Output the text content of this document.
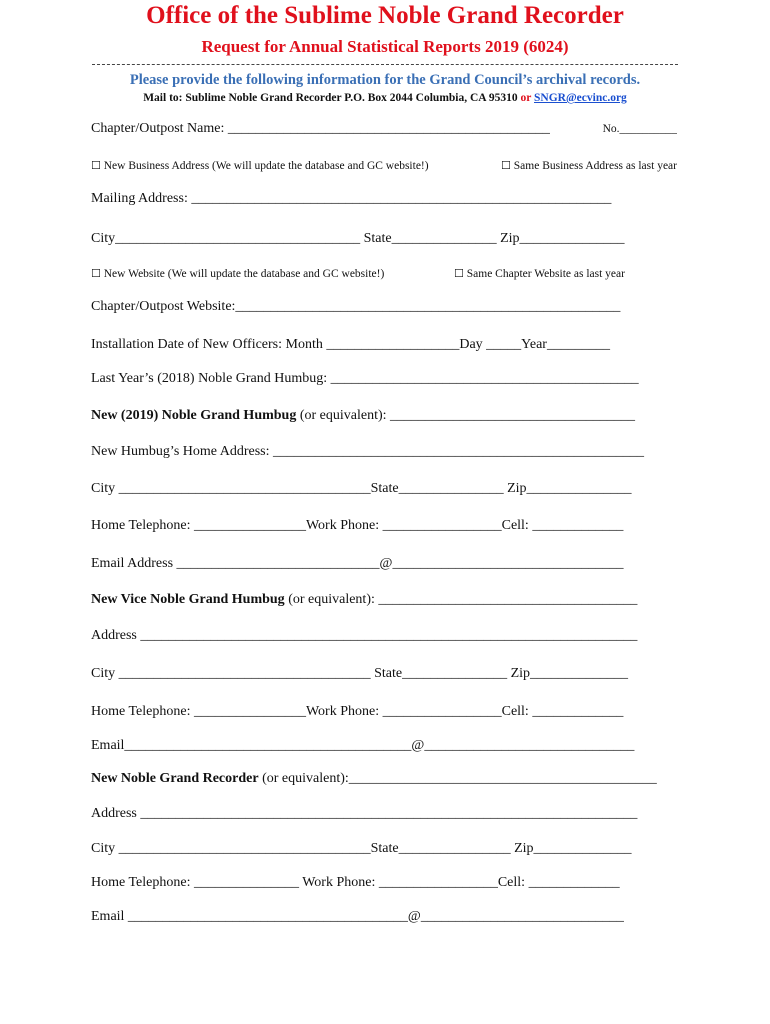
Office of the Sublime Noble Grand Recorder
Request for Annual Statistical Reports 2019 (6024)
Please provide the following information for the Grand Council’s archival records.
Mail to: Sublime Noble Grand Recorder P.O. Box 2044 Columbia, CA 95310 or SNGR@ecvinc.org
Chapter/Outpost Name: ______________________________________________	No.__________
☐ New Business Address (We will update the database and GC website!)	☐ Same Business Address as last year
Mailing Address: ____________________________________________________________
City___________________________________ State_______________ Zip_______________
☐ New Website (We will update the database and GC website!)	☐ Same Chapter Website as last year
Chapter/Outpost Website:_______________________________________________________
Installation Date of New Officers: Month ___________________Day _____Year_________
Last Year’s (2018) Noble Grand Humbug: ____________________________________________
New (2019) Noble Grand Humbug (or equivalent): ___________________________________
New Humbug’s Home Address: _____________________________________________________
City ____________________________________State_______________ Zip_______________
Home Telephone: ________________Work Phone: _________________Cell: _____________
Email Address _____________________________@_________________________________
New Vice Noble Grand Humbug (or equivalent): _____________________________________
Address _______________________________________________________________________
City ____________________________________ State_______________ Zip______________
Home Telephone: ________________Work Phone: _________________Cell: _____________
Email_________________________________________@______________________________
New Noble Grand Recorder (or equivalent):____________________________________________
Address _______________________________________________________________________
City ____________________________________State________________ Zip______________
Home Telephone: _______________ Work Phone: _________________Cell: _____________
Email ________________________________________@_____________________________
